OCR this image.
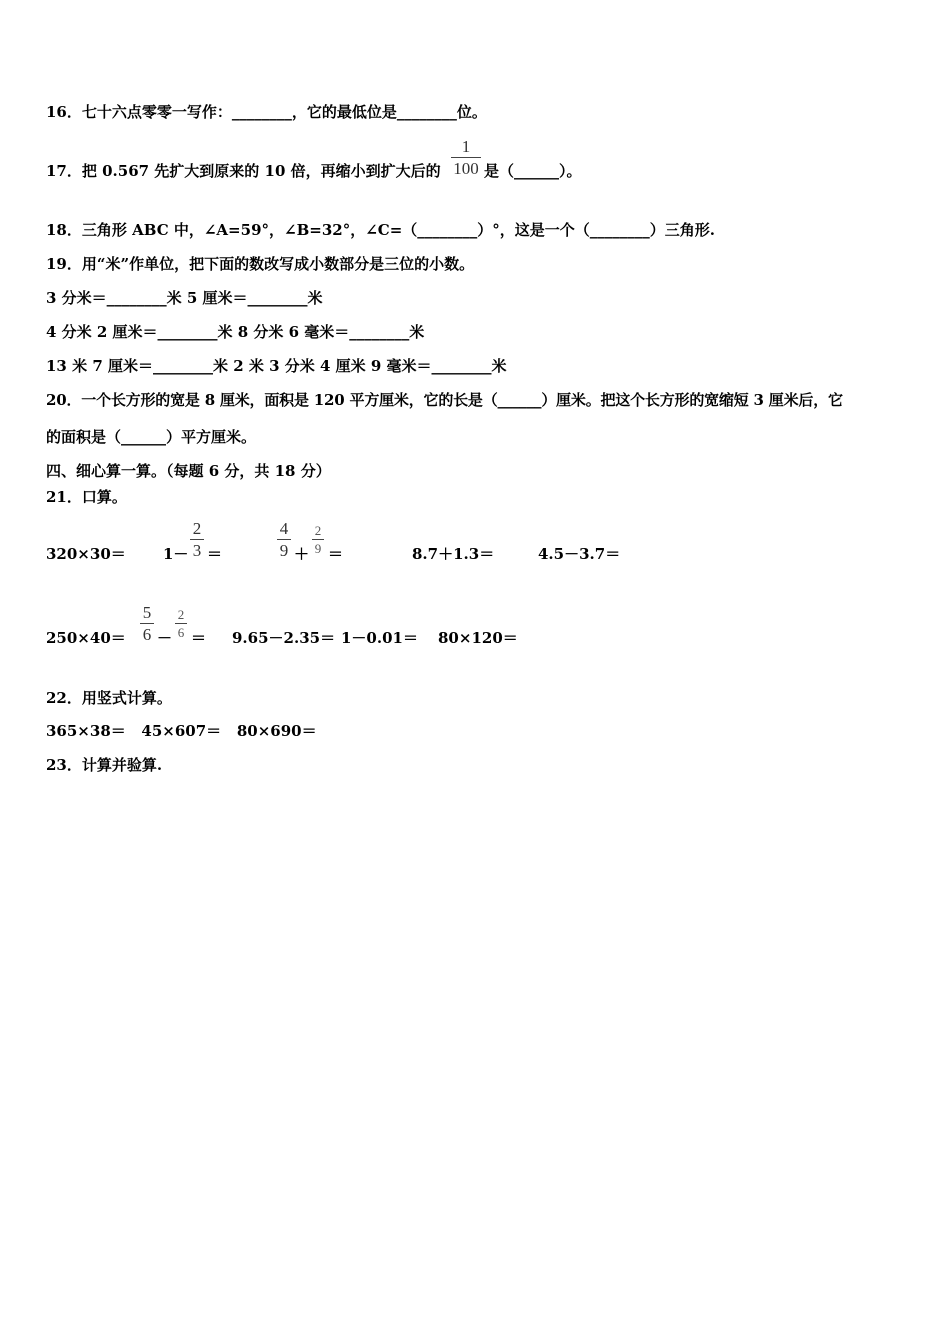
16．七十六点零零一写作：________，它的最低位是________位。
17．把 0.567 先扩大到原来的 10 倍，再缩小到扩大后的
1
100 是（______）。
18．三角形 ABC 中，∠A=59°，∠B=32°，∠C=（________）°，这是一个（________）三角形.
19．用“米”作单位，把下面的数改写成小数部分是三位的小数。
3 分米＝________米 5 厘米＝________米
4 分米 2 厘米＝________米 8 分米 6 毫米＝________米
13 米 7 厘米＝________米 2 米 3 分米 4 厘米 9 毫米＝________米
20．一个长方形的宽是 8 厘米，面积是 120 平方厘米，它的长是（______）厘米。把这个长方形的宽缩短 3 厘米后，它
的面积是（______）平方厘米。
四、细心算一算。（每题 6 分，共 18 分）
21．口算。
320×30＝ 1－
2
3 ＝
4
9 ＋
2
9 ＝	8.7＋1.3＝	4.5－3.7＝
250×40＝
5
6 －
2
6 ＝ 9.65－2.35＝ 1－0.01＝ 80×120＝
22．用竖式计算。
365×38＝   45×607＝   80×690＝
23．计算并验算.
